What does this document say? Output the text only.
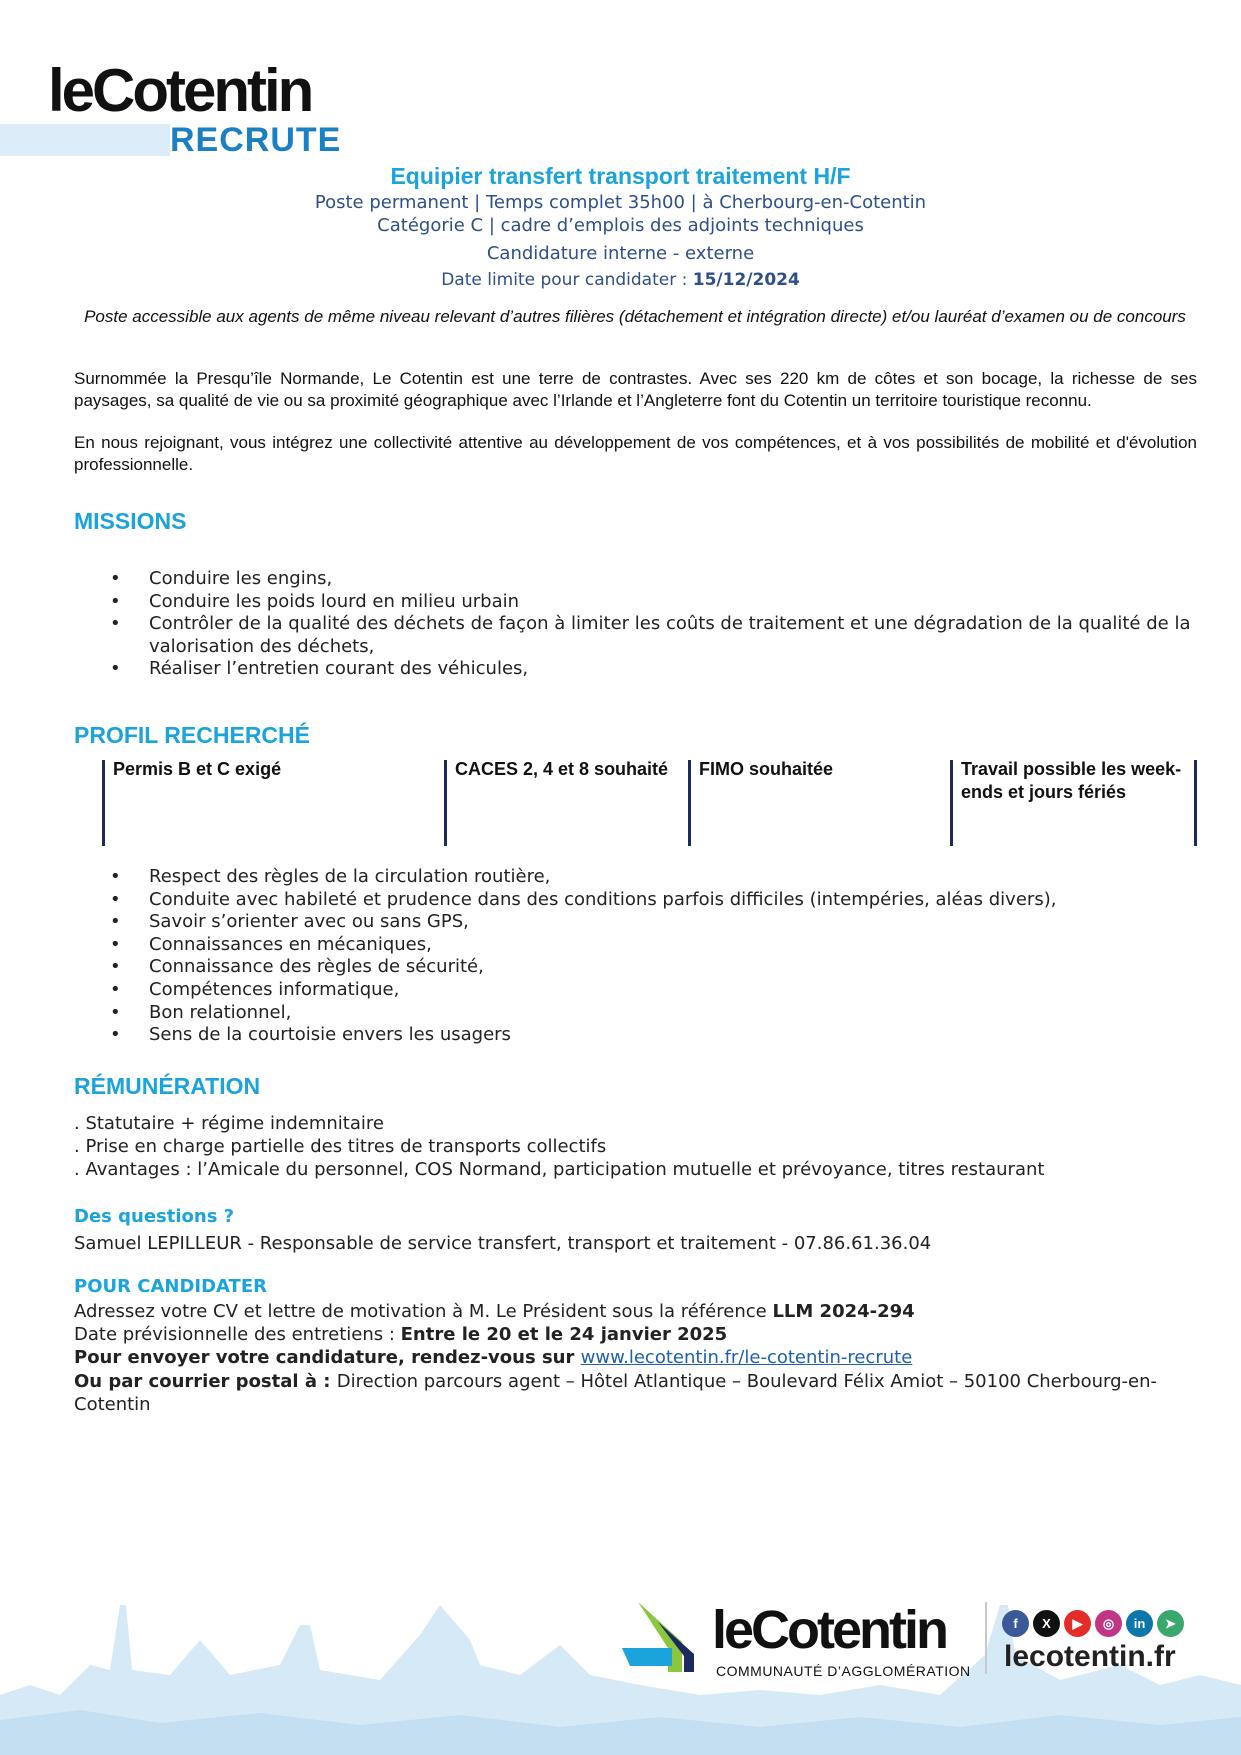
leCotentin
RECRUTE
Equipier transfert transport traitement H/F
Poste permanent | Temps complet 35h00 | à Cherbourg-en-Cotentin
Catégorie C | cadre d’emplois des adjoints techniques
Candidature interne - externe
Date limite pour candidater : 15/12/2024
Poste accessible aux agents de même niveau relevant d’autres filières (détachement et intégration directe) et/ou lauréat d’examen ou de concours
Surnommée la Presqu’île Normande, Le Cotentin est une terre de contrastes. Avec ses 220 km de côtes et son bocage, la richesse de ses paysages, sa qualité de vie ou sa proximité géographique avec l’Irlande et l’Angleterre font du Cotentin un territoire touristique reconnu.
En nous rejoignant, vous intégrez une collectivité attentive au développement de vos compétences, et à vos possibilités de mobilité et d'évolution professionnelle.
MISSIONS
• Conduire les engins,
• Conduire les poids lourd en milieu urbain
• Contrôler de la qualité des déchets de façon à limiter les coûts de traitement et une dégradation de la qualité de la valorisation des déchets,
• Réaliser l’entretien courant des véhicules,
PROFIL RECHERCHÉ
Permis B et C exigé	CACES 2, 4 et 8 souhaité	FIMO souhaitée	Travail possible les week-ends et jours fériés
• Respect des règles de la circulation routière,
• Conduite avec habileté et prudence dans des conditions parfois difficiles (intempéries, aléas divers),
• Savoir s’orienter avec ou sans GPS,
• Connaissances en mécaniques,
• Connaissance des règles de sécurité,
• Compétences informatique,
• Bon relationnel,
• Sens de la courtoisie envers les usagers
RÉMUNÉRATION
. Statutaire + régime indemnitaire
. Prise en charge partielle des titres de transports collectifs
. Avantages : l’Amicale du personnel, COS Normand, participation mutuelle et prévoyance, titres restaurant
Des questions ?
Samuel LEPILLEUR - Responsable de service transfert, transport et traitement - 07.86.61.36.04
POUR CANDIDATER
Adressez votre CV et lettre de motivation à M. Le Président sous la référence LLM 2024-294
Date prévisionnelle des entretiens : Entre le 20 et le 24 janvier 2025
Pour envoyer votre candidature, rendez-vous sur www.lecotentin.fr/le-cotentin-recrute
Ou par courrier postal à : Direction parcours agent – Hôtel Atlantique – Boulevard Félix Amiot – 50100 Cherbourg-en-Cotentin
leCotentin
COMMUNAUTÉ D’AGGLOMÉRATION
f	X	▶	◎	in	➤
lecotentin.fr
